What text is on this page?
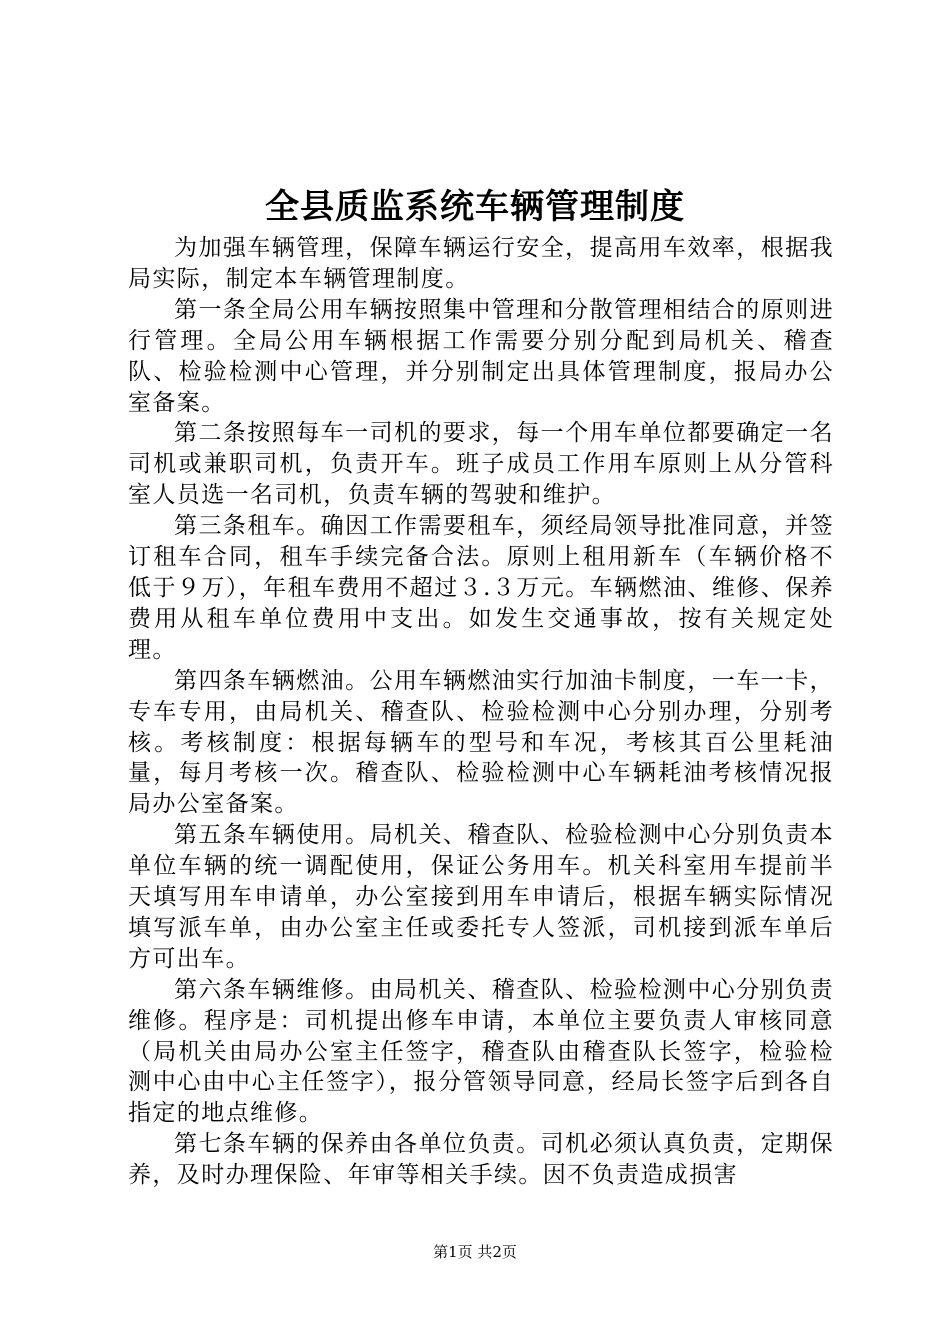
全县质监系统车辆管理制度

为加强车辆管理，保障车辆运行安全，提高用车效率，根据我局实际，制定本车辆管理制度。

第一条全局公用车辆按照集中管理和分散管理相结合的原则进行管理。全局公用车辆根据工作需要分别分配到局机关、稽查队、检验检测中心管理，并分别制定出具体管理制度，报局办公室备案。

第二条按照每车一司机的要求，每一个用车单位都要确定一名司机或兼职司机，负责开车。班子成员工作用车原则上从分管科室人员选一名司机，负责车辆的驾驶和维护。

第三条租车。确因工作需要租车，须经局领导批准同意，并签订租车合同，租车手续完备合法。原则上租用新车（车辆价格不低于９万），年租车费用不超过３.３万元。车辆燃油、维修、保养费用从租车单位费用中支出。如发生交通事故，按有关规定处理。

第四条车辆燃油。公用车辆燃油实行加油卡制度，一车一卡，专车专用，由局机关、稽查队、检验检测中心分别办理，分别考核。考核制度：根据每辆车的型号和车况，考核其百公里耗油量，每月考核一次。稽查队、检验检测中心车辆耗油考核情况报局办公室备案。

第五条车辆使用。局机关、稽查队、检验检测中心分别负责本单位车辆的统一调配使用，保证公务用车。机关科室用车提前半天填写用车申请单，办公室接到用车申请后，根据车辆实际情况填写派车单，由办公室主任或委托专人签派，司机接到派车单后方可出车。

第六条车辆维修。由局机关、稽查队、检验检测中心分别负责维修。程序是：司机提出修车申请，本单位主要负责人审核同意（局机关由局办公室主任签字，稽查队由稽查队长签字，检验检测中心由中心主任签字），报分管领导同意，经局长签字后到各自指定的地点维修。

第七条车辆的保养由各单位负责。司机必须认真负责，定期保养，及时办理保险、年审等相关手续。因不负责造成损害

第1页 共2页
